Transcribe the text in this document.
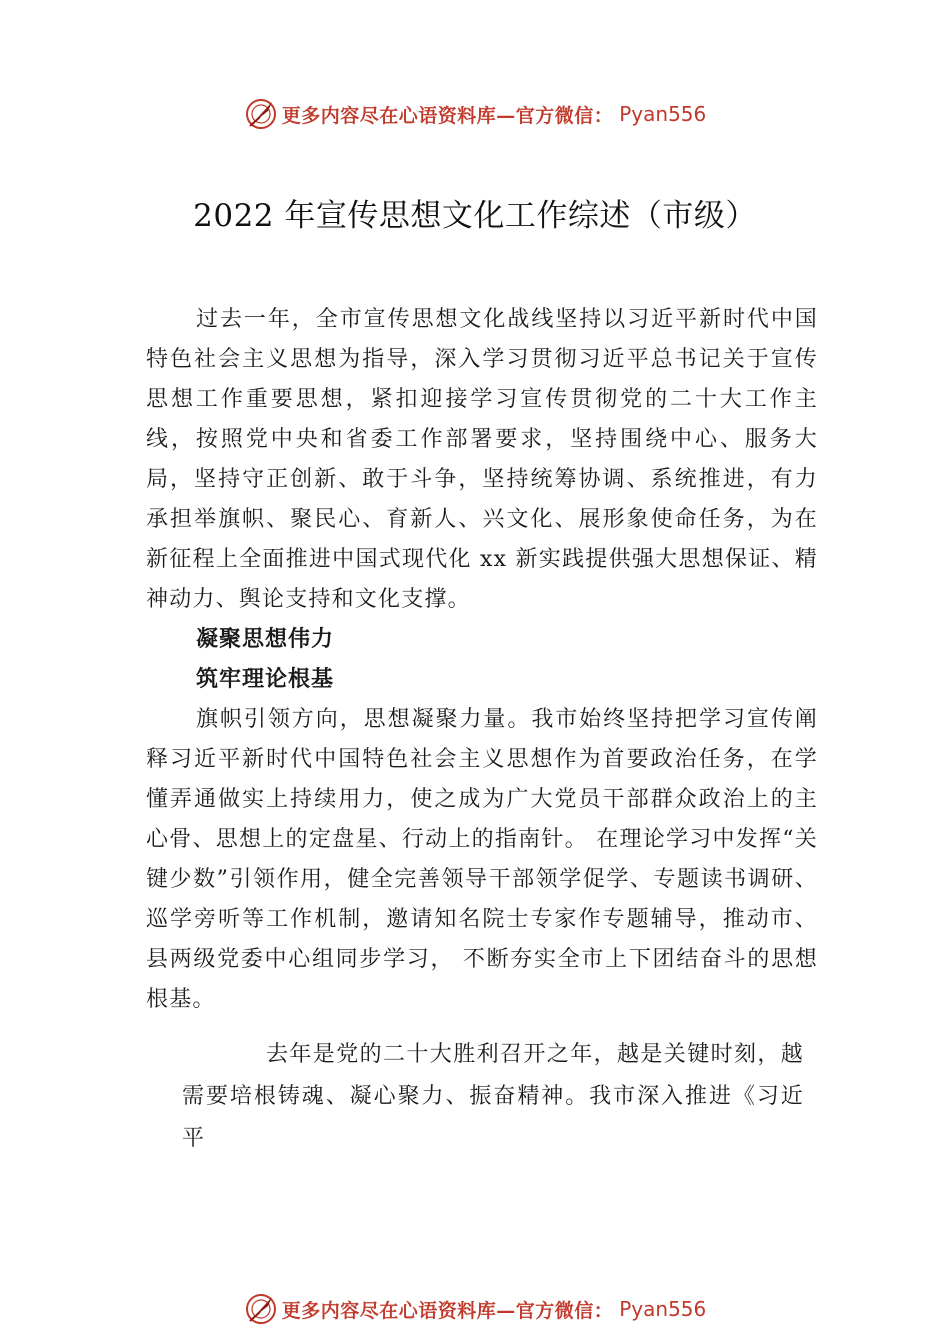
更多内容尽在心语资料库—官方微信： Pyan556
2022 年宣传思想文化工作综述（市级）

过去一年，全市宣传思想文化战线坚持以习近平新时代中国特色社会主义思想为指导，深入学习贯彻习近平总书记关于宣传思想工作重要思想，紧扣迎接学习宣传贯彻党的二十大工作主线，按照党中央和省委工作部署要求，坚持围绕中心、服务大局，坚持守正创新、敢于斗争，坚持统筹协调、系统推进，有力承担举旗帜、聚民心、育新人、兴文化、展形象使命任务，为在新征程上全面推进中国式现代化 xx 新实践提供强大思想保证、精神动力、舆论支持和文化支撑。

凝聚思想伟力

筑牢理论根基

旗帜引领方向，思想凝聚力量。我市始终坚持把学习宣传阐释习近平新时代中国特色社会主义思想作为首要政治任务，在学懂弄通做实上持续用力，使之成为广大党员干部群众政治上的主心骨、思想上的定盘星、行动上的指南针。 在理论学习中发挥“关键少数”引领作用，健全完善领导干部领学促学、专题读书调研、巡学旁听等工作机制，邀请知名院士专家作专题辅导，推动市、县两级党委中心组同步学习， 不断夯实全市上下团结奋斗的思想根基。

去年是党的二十大胜利召开之年，越是关键时刻，越需要培根铸魂、凝心聚力、振奋精神。我市深入推进《习近平

更多内容尽在心语资料库—官方微信： Pyan556
